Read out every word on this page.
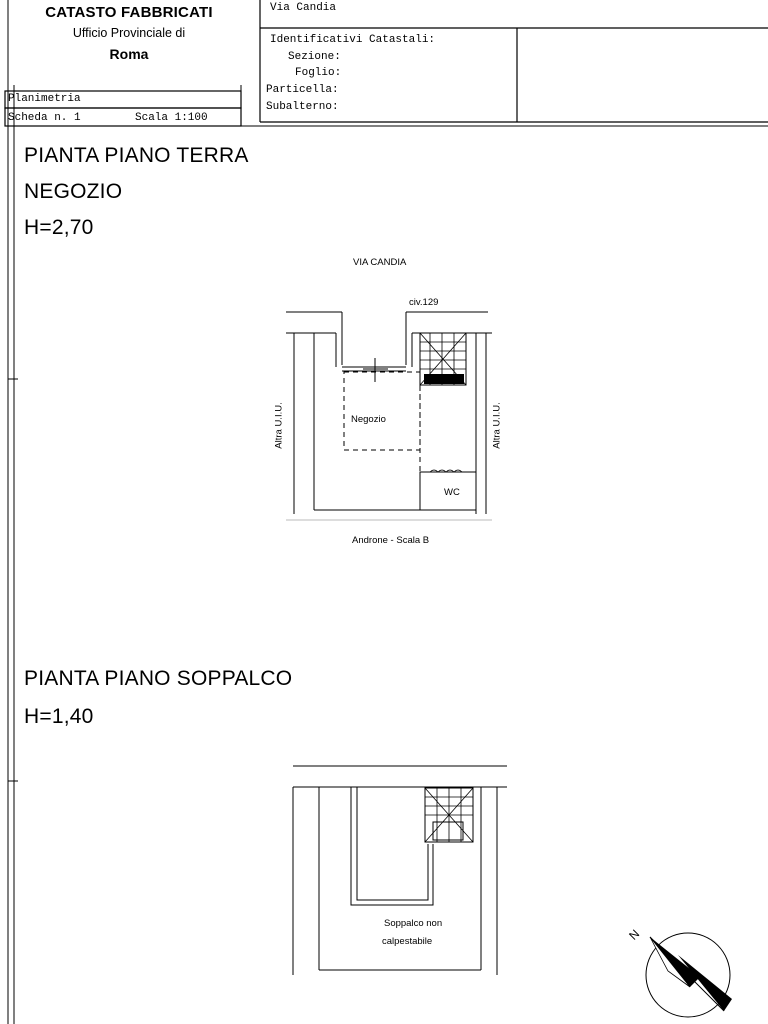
CATASTO FABBRICATI
Ufficio Provinciale di
Roma
Via Candia
Identificativi Catastali:
Sezione:
Foglio:
Particella:
Subalterno:
Planimetria
Scheda n. 1	Scala 1:100
PIANTA PIANO TERRA
NEGOZIO
H=2,70
VIA CANDIA
civ.129
Negozio
WC
Altra U.I.U.	Altra U.I.U.
Androne - Scala B
PIANTA PIANO SOPPALCO
H=1,40
Soppalco non
calpestabile	N
